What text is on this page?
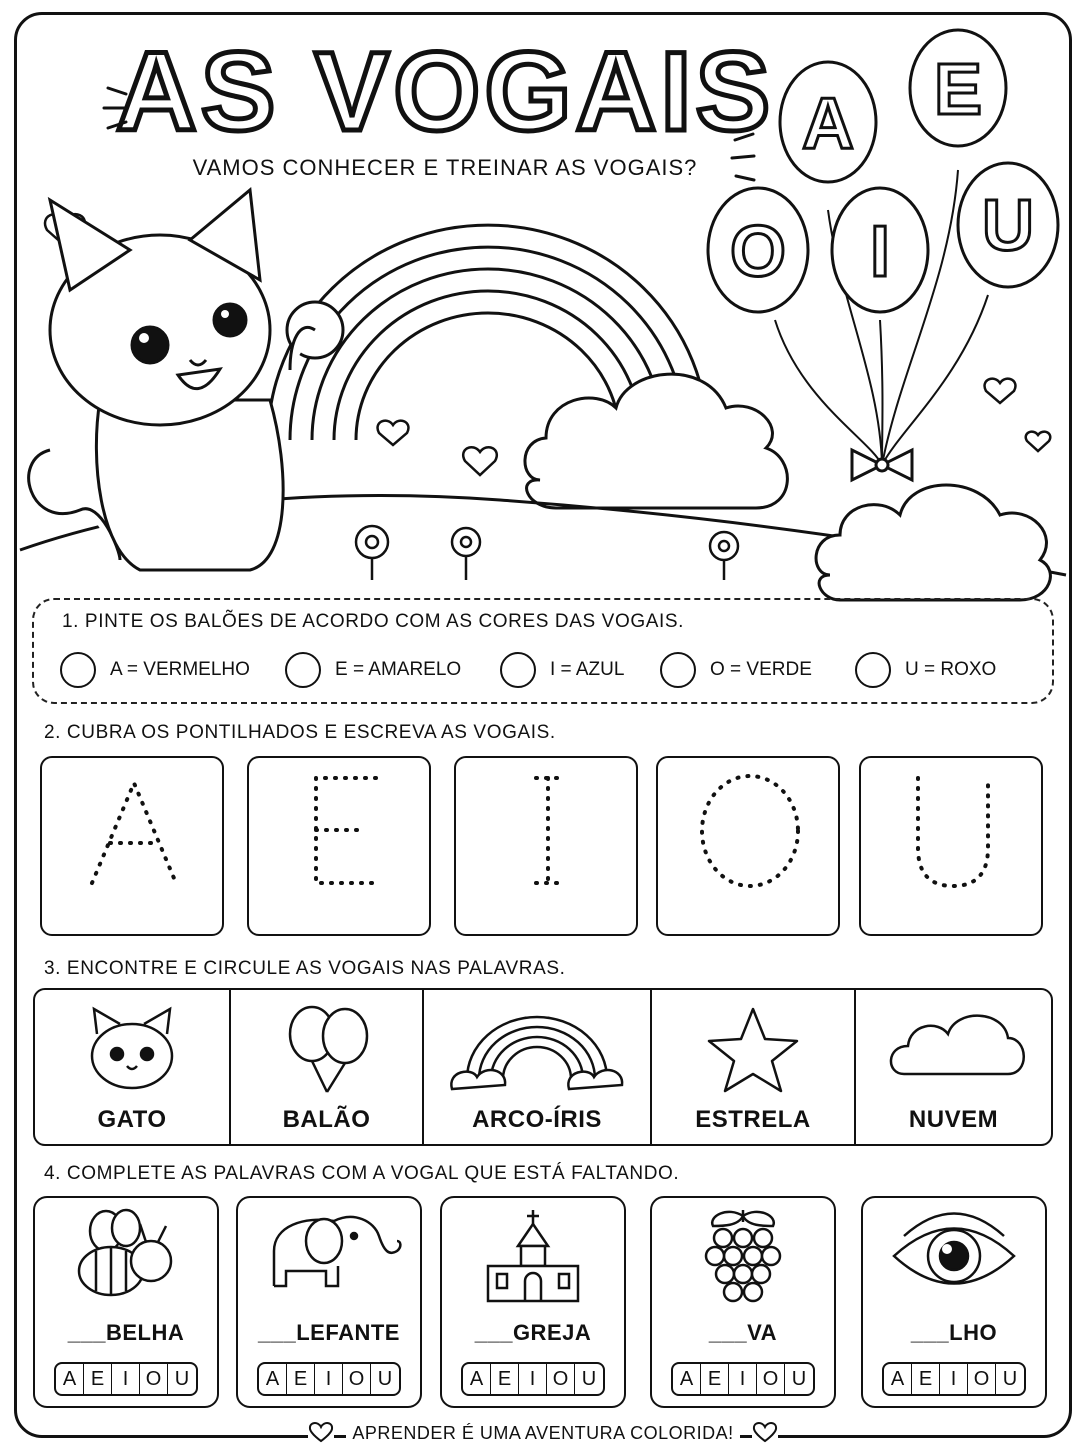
AS VOGAIS
VAMOS CONHECER E TREINAR AS VOGAIS?
A E
O I U
1. PINTE OS BALÕES DE ACORDO COM AS CORES DAS VOGAIS.
A = VERMELHO	E = AMARELO	I = AZUL	O = VERDE	U = ROXO
2. CUBRA OS PONTILHADOS E ESCREVA AS VOGAIS.
3. ENCONTRE E CIRCULE AS VOGAIS NAS PALAVRAS.
GATO	BALÃO	ARCO-ÍRIS	ESTRELA	NUVEM
4. COMPLETE AS PALAVRAS COM A VOGAL QUE ESTÁ FALTANDO.
___BELHA
A E I O U
___LEFANTE
A E I O U
___GREJA
A E I O U
___VA
A E I O U
___LHO
A E I O U
APRENDER É UMA AVENTURA COLORIDA!
